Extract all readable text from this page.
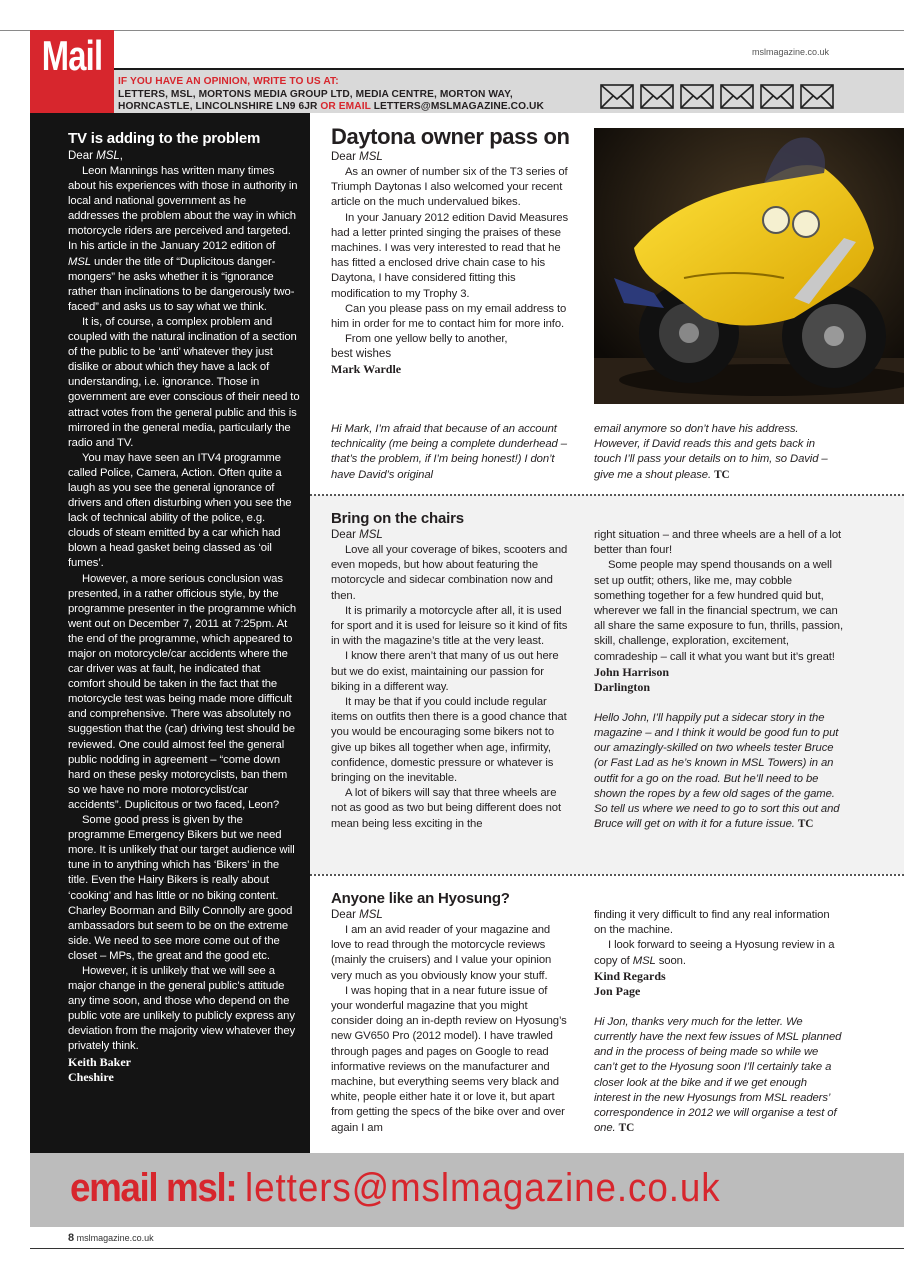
Mail	mslmagazine.co.uk
IF YOU HAVE AN OPINION, WRITE TO US AT:
LETTERS, MSL, MORTONS MEDIA GROUP LTD, MEDIA CENTRE, MORTON WAY,
HORNCASTLE, LINCOLNSHIRE LN9 6JR OR EMAIL LETTERS@MSLMAGAZINE.CO.UK
TV is adding to the problem
Dear MSL,

Leon Mannings has written many times about his experiences with those in authority in local and national government as he addresses the problem about the way in which motorcycle riders are perceived and targeted. In his article in the January 2012 edition of MSL under the title of “Duplicitous danger-mongers” he asks whether it is “ignorance rather than inclinations to be dangerously two-faced” and asks us to say what we think.

It is, of course, a complex problem and coupled with the natural inclination of a section of the public to be ‘anti’ whatever they just dislike or about which they have a lack of understanding, i.e. ignorance. Those in government are ever conscious of their need to attract votes from the general public and this is mirrored in the general media, particularly the radio and TV.

You may have seen an ITV4 programme called Police, Camera, Action. Often quite a laugh as you see the general ignorance of drivers and often disturbing when you see the lack of technical ability of the police, e.g. clouds of steam emitted by a car which had blown a head gasket being classed as ‘oil fumes’.

However, a more serious conclusion was presented, in a rather officious style, by the programme presenter in the programme which went out on December 7, 2011 at 7:25pm. At the end of the programme, which appeared to major on motorcycle/car accidents where the car driver was at fault, he indicated that comfort should be taken in the fact that the motorcycle test was being made more difficult and comprehensive. There was absolutely no suggestion that the (car) driving test should be reviewed. One could almost feel the general public nodding in agreement – “come down hard on these pesky motorcyclists, ban them so we have no more motorcyclist/car accidents”. Duplicitous or two faced, Leon?

Some good press is given by the programme Emergency Bikers but we need more. It is unlikely that our target audience will tune in to anything which has ‘Bikers’ in the title. Even the Hairy Bikers is really about ‘cooking’ and has little or no biking content. Charley Boorman and Billy Connolly are good ambassadors but seem to be on the extreme side. We need to see more come out of the closet – MPs, the great and the good etc.

However, it is unlikely that we will see a major change in the general public’s attitude any time soon, and those who depend on the public vote are unlikely to publicly express any deviation from the majority view whatever they privately think.

Keith Baker
Cheshire
Daytona owner pass on
Dear MSL

As an owner of number six of the T3 series of Triumph Daytonas I also welcomed your recent article on the much undervalued bikes.

In your January 2012 edition David Measures had a letter printed singing the praises of these machines. I was very interested to read that he has fitted a enclosed drive chain case to his Daytona, I have considered fitting this modification to my Trophy 3.

Can you please pass on my email address to him in order for me to contact him for more info.

From one yellow belly to another,

best wishes
Mark Wardle
Hi Mark, I’m afraid that because of an account technicality (me being a complete dunderhead – that’s the problem, if I’m being honest!) I don’t have David’s original
email anymore so don’t have his address. However, if David reads this and gets back in touch I’ll pass your details on to him, so David – give me a shout please. TC
Bring on the chairs
Dear MSL

Love all your coverage of bikes, scooters and even mopeds, but how about featuring the motorcycle and sidecar combination now and then.

It is primarily a motorcycle after all, it is used for sport and it is used for leisure so it kind of fits in with the magazine’s title at the very least.

I know there aren’t that many of us out here but we do exist, maintaining our passion for biking in a different way.

It may be that if you could include regular items on outfits then there is a good chance that you would be encouraging some bikers not to give up bikes all together when age, infirmity, confidence, domestic pressure or whatever is bringing on the inevitable.

A lot of bikers will say that three wheels are not as good as two but being different does not mean being less exciting in the

right situation – and three wheels are a hell of a lot better than four!

Some people may spend thousands on a well set up outfit; others, like me, may cobble something together for a few hundred quid but, wherever we fall in the financial spectrum, we can all share the same exposure to fun, thrills, passion, skill, challenge, exploration, excitement, comradeship – call it what you want but it’s great!

John Harrison
Darlington
Hello John, I’ll happily put a sidecar story in the magazine – and I think it would be good fun to put our amazingly-skilled on two wheels tester Bruce (or Fast Lad as he’s known in MSL Towers) in an outfit for a go on the road. But he’ll need to be shown the ropes by a few old sages of the game. So tell us where we need to go to sort this out and Bruce will get on with it for a future issue. TC
Anyone like an Hyosung?
Dear MSL

I am an avid reader of your magazine and love to read through the motorcycle reviews (mainly the cruisers) and I value your opinion very much as you obviously know your stuff.

I was hoping that in a near future issue of your wonderful magazine that you might consider doing an in-depth review on Hyosung’s new GV650 Pro (2012 model). I have trawled through pages and pages on Google to read informative reviews on the manufacturer and machine, but everything seems very black and white, people either hate it or love it, but apart from getting the specs of the bike over and over again I am

finding it very difficult to find any real information on the machine.

I look forward to seeing a Hyosung review in a copy of MSL soon.

Kind Regards
Jon Page
Hi Jon, thanks very much for the letter. We currently have the next few issues of MSL planned and in the process of being made so while we can’t get to the Hyosung soon I’ll certainly take a closer look at the bike and if we get enough interest in the new Hyosungs from MSL readers’ correspondence in 2012 we will organise a test of one. TC
email msl: letters@mslmagazine.co.uk
8 mslmagazine.co.uk
